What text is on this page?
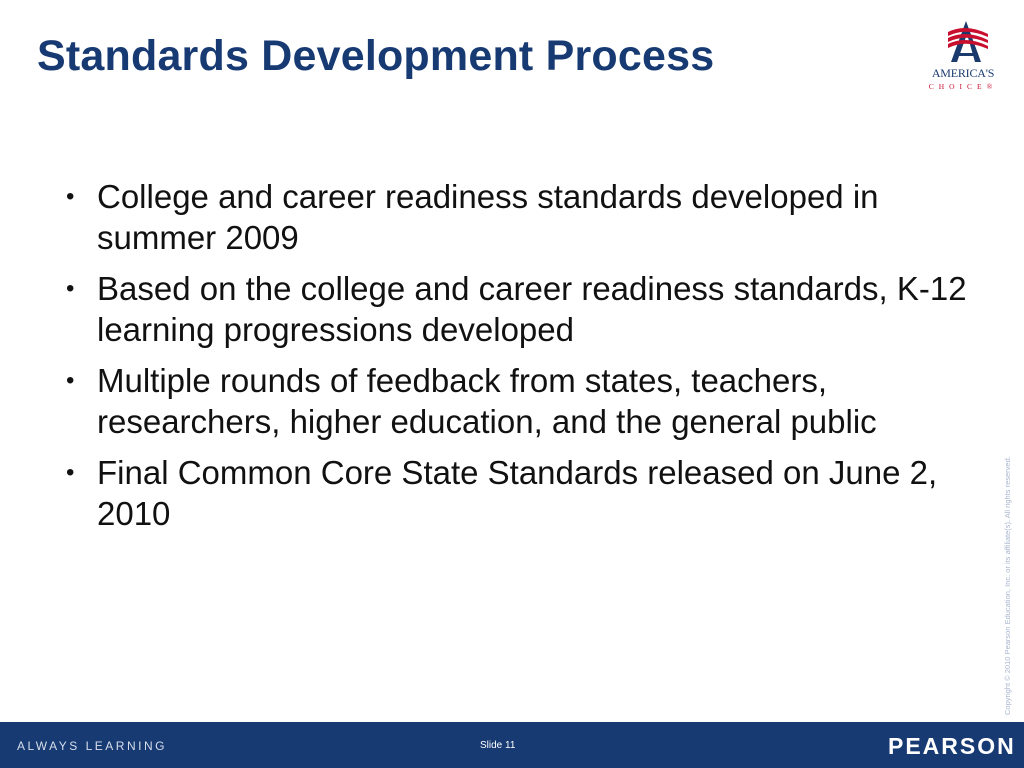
Standards Development Process	AMERICA'S
CHOICE®
• College and career readiness standards developed in summer 2009
• Based on the college and career readiness standards, K-12 learning progressions developed
• Multiple rounds of feedback from states, teachers, researchers, higher education, and the general public
• Final Common Core State Standards released on June 2, 2010	Copyright © 2010 Pearson Education, Inc. or its affiliate(s). All rights reserved.
ALWAYS LEARNING	Slide 11	PEARSON
